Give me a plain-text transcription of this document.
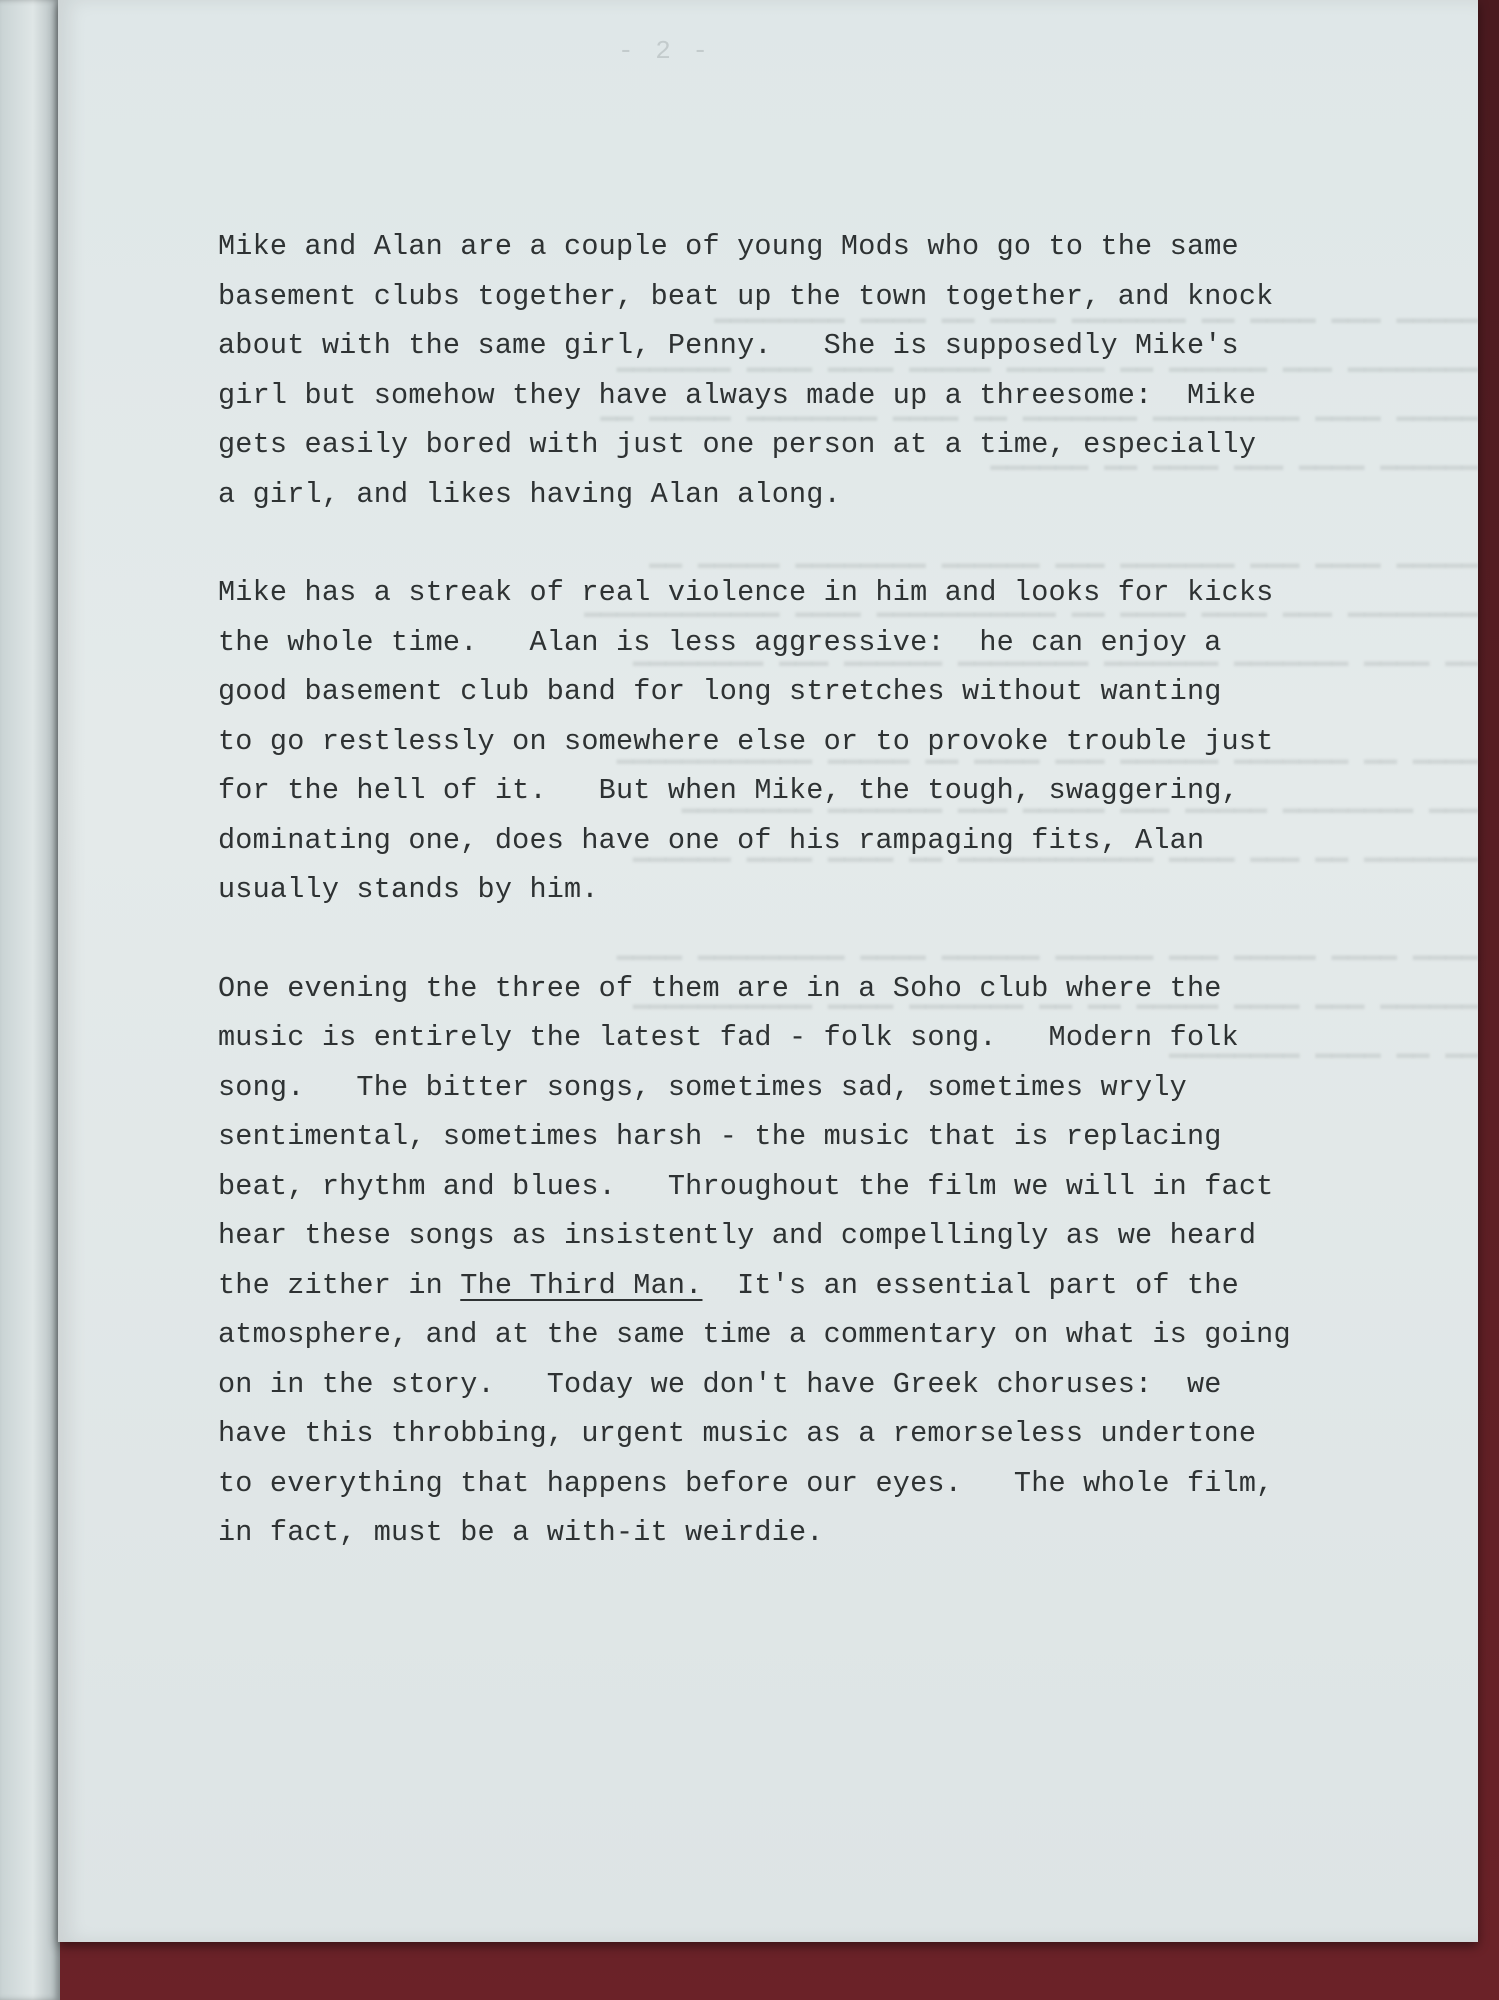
- 2 -
━━━━━ ━━━ ━━━━ ━━ ━━━━━━━ ━━━━ ━━ ━━━━ ━━━━━━━━
━━━━━━━━ ━━━ ━━━━━━ ━━ ━━━━━━ ━━━━━ ━━━━ ━━━━ ━━━━━━━
━━━━━ ━━━━ ━━━━━━━━━ ━━━━━━━ ━━ ━━━━ ━━━━━━━━ ━━━━━ ━━
━━━━━━ ━━━━ ━━━ ━━━━ ━━ ━━━━━━

━━━━━ ━━━━ ━━━ ━━━━━━━ ━━━ ━━━━━━ ━━━━━━━━ ━━━━━ ━━
━━━━━━━━ ━━━ ━━━━ ━━━━ ━━ ━━━━━━━━━━━ ━━━━ ━━━━━━━━━━━━
━━ ━━━━ ━━━━━━━ ━━━━━━━ ━━━━━━━━ ━━━━━━ ━━━ ━━━━━━━━

━━━━ ━━ ━━━━━━━ ━━━━━━ ━━━ ━━━━ ━━ ━━━━━ ━━━━━━━━━━━━
━━━ ━━━━━━━━ ━━━━━ ━━━ ━━━━━ ━━━ ━━━━━━━ ━━━━━━━━
━━━━━━━ ━━ ━━━ ━━━━ ━━━━━━━━━━━━ ━━ ━━━━ ━━━━ ━━━━━━

━━━━ ━━━━ ━━━━━ ━━━ ━━━━━━ ━━━━━━ ━━━━ ━━━━━━━━━ ━━━━
━━━━━━ ━━━ ━━━━ ━━━━━ ━━ ━━ ━━━━━━━ ━━━━ ━━━━━━━━━━━
━━ ━━ ━━━━ ━━━━━━━━
Mike and Alan are a couple of young Mods who go to the same
basement clubs together, beat up the town together, and knock
about with the same girl, Penny.   She is supposedly Mike's
girl but somehow they have always made up a threesome:  Mike
gets easily bored with just one person at a time, especially
a girl, and likes having Alan along.
Mike has a streak of real violence in him and looks for kicks
the whole time.   Alan is less aggressive:  he can enjoy a
good basement club band for long stretches without wanting
to go restlessly on somewhere else or to provoke trouble just
for the hell of it.   But when Mike, the tough, swaggering,
dominating one, does have one of his rampaging fits, Alan
usually stands by him.
One evening the three of them are in a Soho club where the
music is entirely the latest fad - folk song.   Modern folk
song.   The bitter songs, sometimes sad, sometimes wryly
sentimental, sometimes harsh - the music that is replacing
beat, rhythm and blues.   Throughout the film we will in fact
hear these songs as insistently and compellingly as we heard
the zither in The Third Man.  It's an essential part of the
atmosphere, and at the same time a commentary on what is going
on in the story.   Today we don't have Greek choruses:  we
have this throbbing, urgent music as a remorseless undertone
to everything that happens before our eyes.   The whole film,
in fact, must be a with-it weirdie.
